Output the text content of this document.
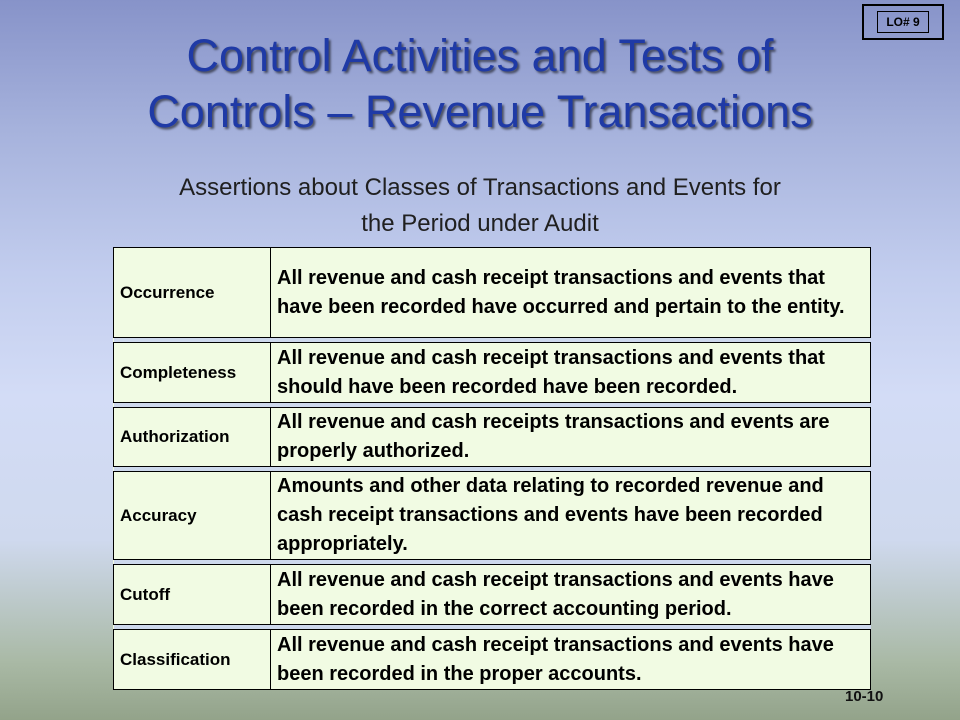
LO# 9
Control Activities and Tests of
Controls – Revenue Transactions

Assertions about Classes of Transactions and Events for
the Period under Audit

Occurrence	All revenue and cash receipt transactions and events that have been recorded have occurred and pertain to the entity.

Completeness	All revenue and cash receipt transactions and events that should have been recorded have been recorded.

Authorization	All revenue and cash receipts transactions and events are properly authorized.

Accuracy	Amounts and other data relating to recorded revenue and cash receipt transactions and events have been recorded appropriately.

Cutoff	All revenue and cash receipt transactions and events have been recorded in the correct accounting period.

Classification	All revenue and cash receipt transactions and events have been recorded in the proper accounts.
10-10
